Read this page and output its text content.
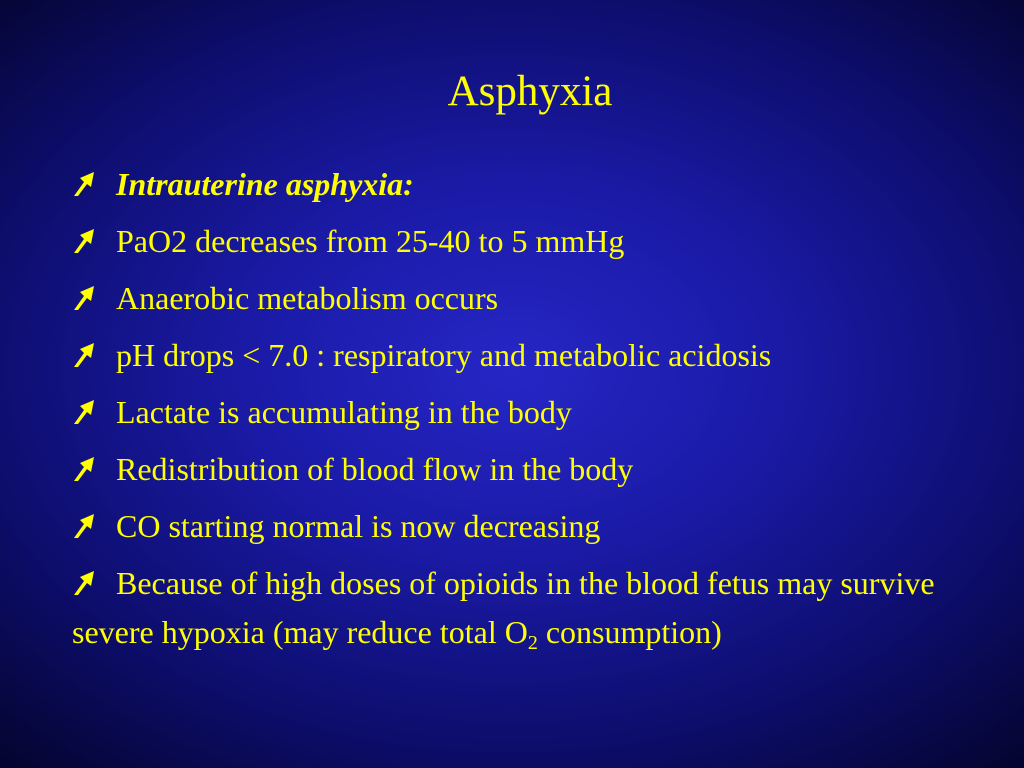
Asphyxia
Intrauterine asphyxia:
PaO2 decreases from 25-40 to 5 mmHg
Anaerobic metabolism occurs
pH drops < 7.0 : respiratory and metabolic acidosis
Lactate is accumulating in the body
Redistribution of blood flow in the body
CO starting normal is now decreasing
Because of high doses of opioids in the blood fetus may survive severe hypoxia (may reduce total $O_2$ consumption)
